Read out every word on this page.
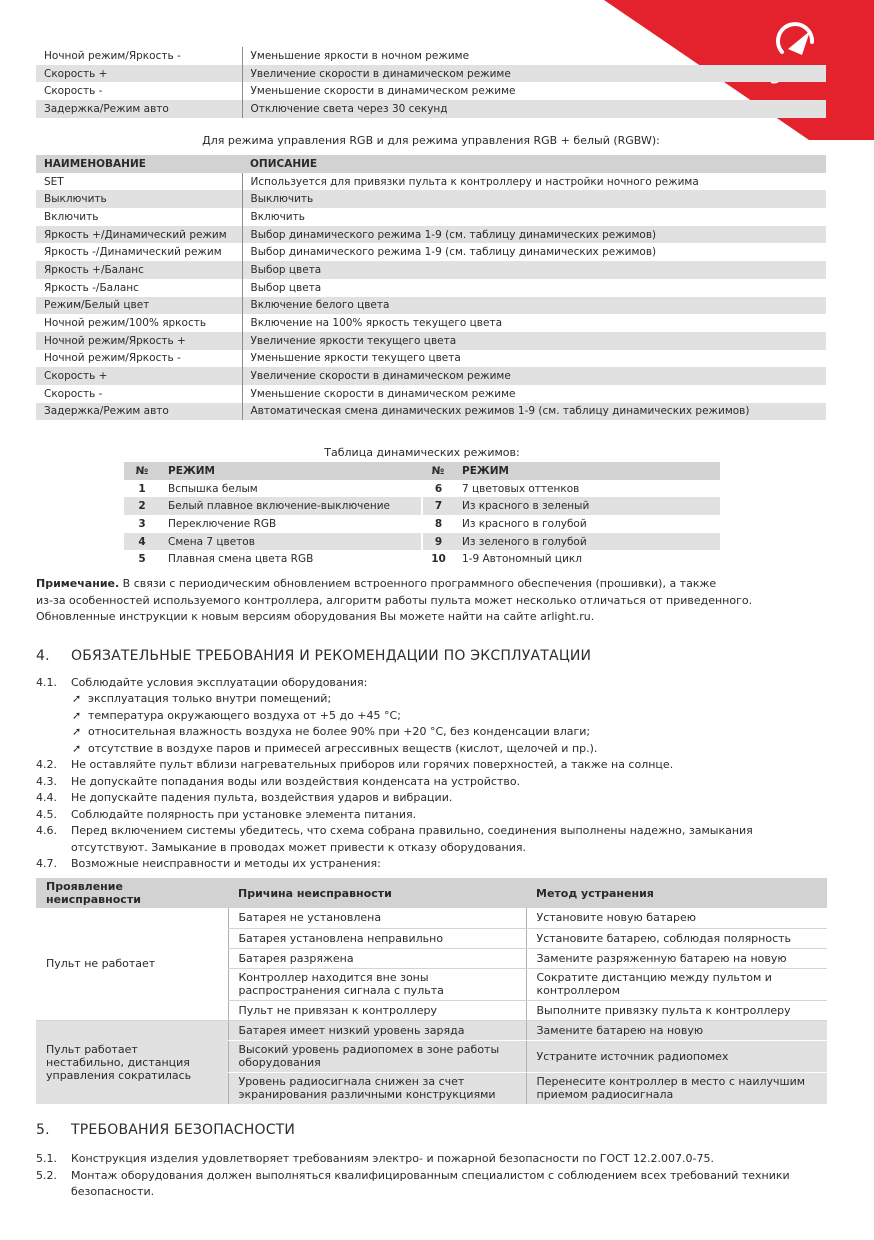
Ночной режим/Яркость -	Уменьшение яркости в ночном режиме
Скорость +	Увеличение скорости в динамическом режиме
Скорость -	Уменьшение скорости в динамическом режиме
Задержка/Режим авто	Отключение света через 30 секунд
Для режима управления RGB и для режима управления RGB + белый (RGBW):
НАИМЕНОВАНИЕ	ОПИСАНИЕ
SET	Используется для привязки пульта к контроллеру и настройки ночного режима
Выключить	Выключить
Включить	Включить
Яркость +/Динамический режим	Выбор динамического режима 1-9 (см. таблицу динамических режимов)
Яркость -/Динамический режим	Выбор динамического режима 1-9 (см. таблицу динамических режимов)
Яркость +/Баланс	Выбор цвета
Яркость -/Баланс	Выбор цвета
Режим/Белый цвет	Включение белого цвета
Ночной режим/100% яркость	Включение на 100% яркость текущего цвета
Ночной режим/Яркость +	Увеличение яркости текущего цвета
Ночной режим/Яркость -	Уменьшение яркости текущего цвета
Скорость +	Увеличение скорости в динамическом режиме
Скорость -	Уменьшение скорости в динамическом режиме
Задержка/Режим авто	Автоматическая смена динамических режимов 1-9 (см. таблицу динамических режимов)
Таблица динамических режимов:
№	РЕЖИМ	№	РЕЖИМ
1	Вспышка белым	6	7 цветовых оттенков
2	Белый плавное включение-выключение	7	Из красного в зеленый
3	Переключение RGB	8	Из красного в голубой
4	Смена 7 цветов	9	Из зеленого в голубой
5	Плавная смена цвета RGB	10	1-9 Автономный цикл
Примечание. В связи с периодическим обновлением встроенного программного обеспечения (прошивки), а также
из-за особенностей используемого контроллера, алгоритм работы пульта может несколько отличаться от приведенного.
Обновленные инструкции к новым версиям оборудования Вы можете найти на сайте arlight.ru.
4. ОБЯЗАТЕЛЬНЫЕ ТРЕБОВАНИЯ И РЕКОМЕНДАЦИИ ПО ЭКСПЛУАТАЦИИ
4.1.	Соблюдайте условия эксплуатации оборудования:
➚ эксплуатация только внутри помещений;
➚ температура окружающего воздуха от +5 до +45 °С;
➚ относительная влажность воздуха не более 90% при +20 °С, без конденсации влаги;
➚ отсутствие в воздухе паров и примесей агрессивных веществ (кислот, щелочей и пр.).
4.2.	Не оставляйте пульт вблизи нагревательных приборов или горячих поверхностей, а также на солнце.
4.3.	Не допускайте попадания воды или воздействия конденсата на устройство.
4.4.	Не допускайте падения пульта, воздействия ударов и вибрации.
4.5.	Соблюдайте полярность при установке элемента питания.
4.6.	Перед включением системы убедитесь, что схема собрана правильно, соединения выполнены надежно, замыкания
отсутствуют. Замыкание в проводах может привести к отказу оборудования.
4.7.	Возможные неисправности и методы их устранения:
Проявление неисправности	Причина неисправности	Метод устранения
Пульт не работает	Батарея не установлена	Установите новую батарею
	Батарея установлена неправильно	Установите батарею, соблюдая полярность
	Батарея разряжена	Замените разряженную батарею на новую
	Контроллер находится вне зоны распространения сигнала с пульта	Сократите дистанцию между пультом и контроллером
	Пульт не привязан к контроллеру	Выполните привязку пульта к контроллеру
Пульт работает нестабильно, дистанция управления сократилась	Батарея имеет низкий уровень заряда	Замените батарею на новую
	Высокий уровень радиопомех в зоне работы оборудования	Устраните источник радиопомех
	Уровень радиосигнала снижен за счет экранирования различными конструкциями	Перенесите контроллер в место с наилучшим приемом радиосигнала
5. ТРЕБОВАНИЯ БЕЗОПАСНОСТИ
5.1.	Конструкция изделия удовлетворяет требованиям электро- и пожарной безопасности по ГОСТ 12.2.007.0-75.
5.2.	Монтаж оборудования должен выполняться квалифицированным специалистом с соблюдением всех требований техники
безопасности.
